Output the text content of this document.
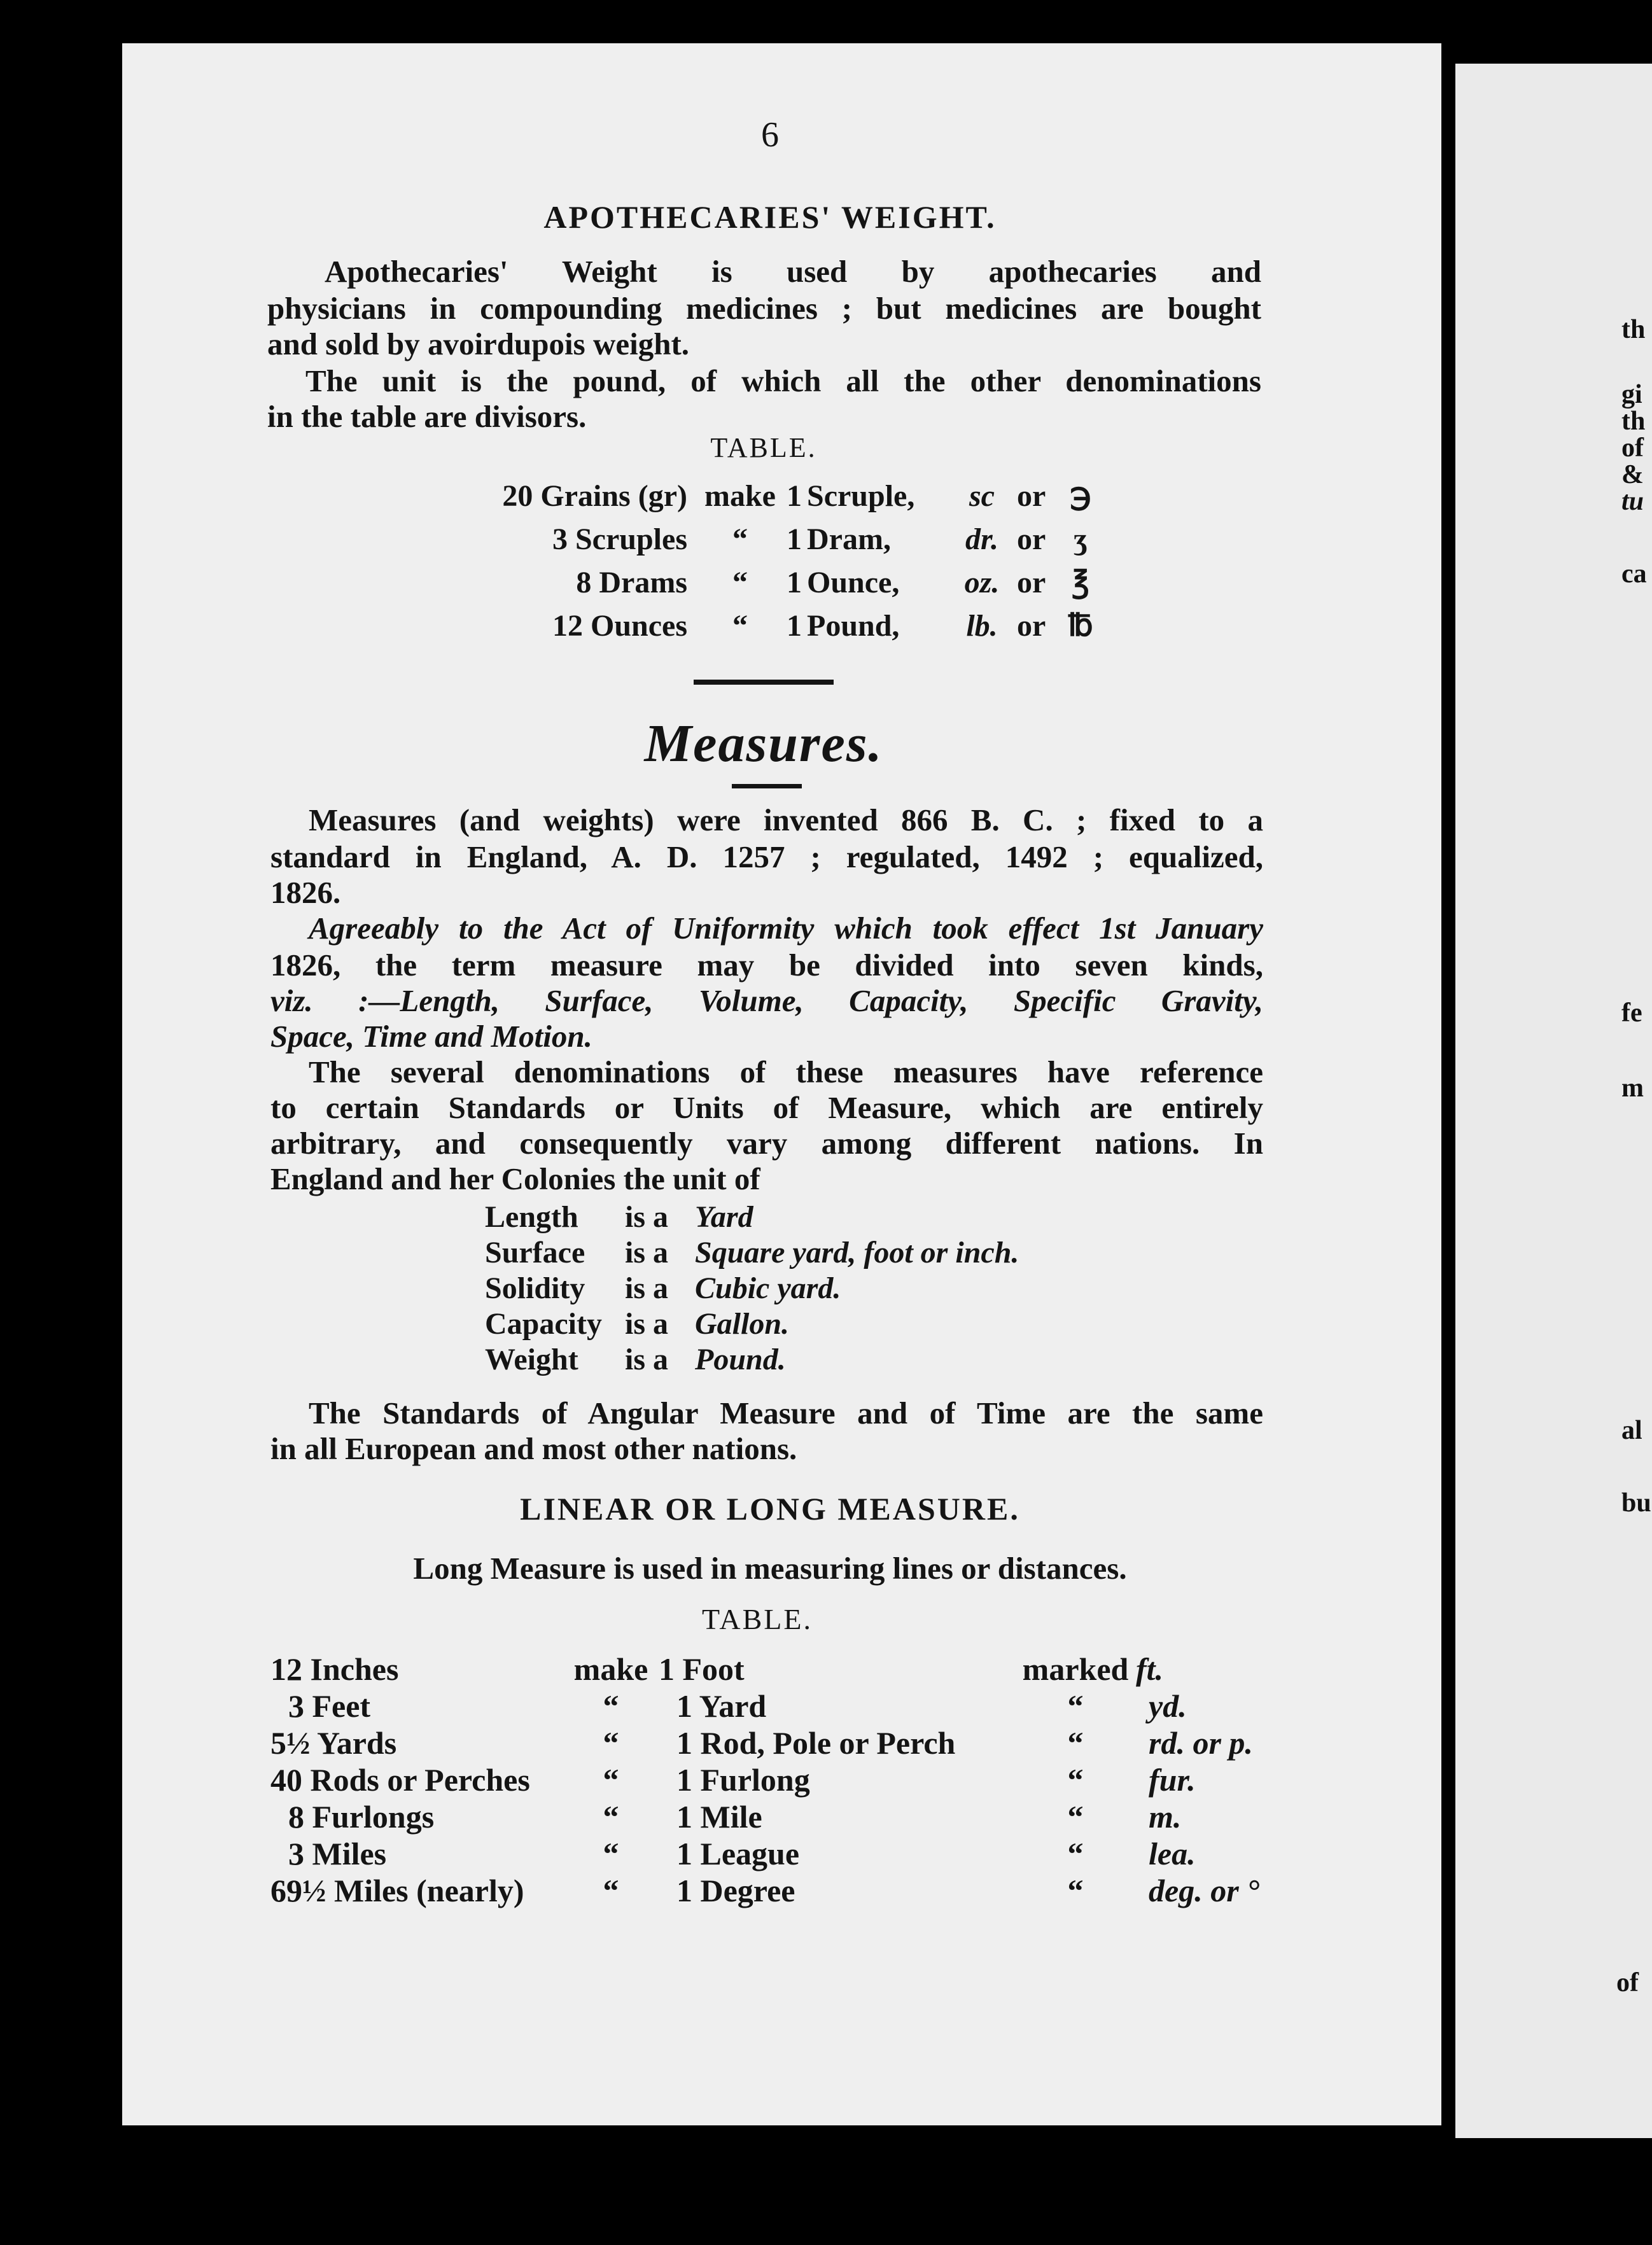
6
APOTHECARIES' WEIGHT.
Apothecaries' Weight is used by apothecaries and
physicians in compounding medicines ; but medicines are bought
and sold by avoirdupois weight.
The unit is the pound, of which all the other denominations
in the table are divisors.
TABLE.
20 Grains (gr)	make	1	Scruple,	sc	or	℈
3 Scruples	“	1	Dram,	dr.	or	ʒ
8 Drams	“	1	Ounce,	oz.	or	℥
12 Ounces	“	1	Pound,	lb.	or	℔
Measures.
Measures (and weights) were invented 866 B. C. ; fixed to a
standard in England, A. D. 1257 ; regulated, 1492 ; equalized,
1826.
Agreeably to the Act of Uniformity which took effect 1st January
1826, the term measure may be divided into seven kinds,
viz. :—Length, Surface, Volume, Capacity, Specific Gravity,
Space, Time and Motion.
The several denominations of these measures have reference
to certain Standards or Units of Measure, which are entirely
arbitrary, and consequently vary among different nations. In
England and her Colonies the unit of
Length	is a	Yard
Surface	is a	Square yard, foot or inch.
Solidity	is a	Cubic yard.
Capacity	is a	Gallon.
Weight	is a	Pound.
The Standards of Angular Measure and of Time are the same
in all European and most other nations.
LINEAR OR LONG MEASURE.
Long Measure is used in measuring lines or distances.
TABLE.
12 Inches	make	1 Foot	marked	ft.
3 Feet	“	1 Yard	“	yd.
5½ Yards	“	1 Rod, Pole or Perch	“	rd. or p.
40 Rods or Perches	“	1 Furlong	“	fur.
8 Furlongs	“	1 Mile	“	m.
3 Miles	“	1 League	“	lea.
69½ Miles (nearly)	“	1 Degree	“	deg. or °
th
gi
th
of
&
tu
ca
fe
m
al
bu
of
